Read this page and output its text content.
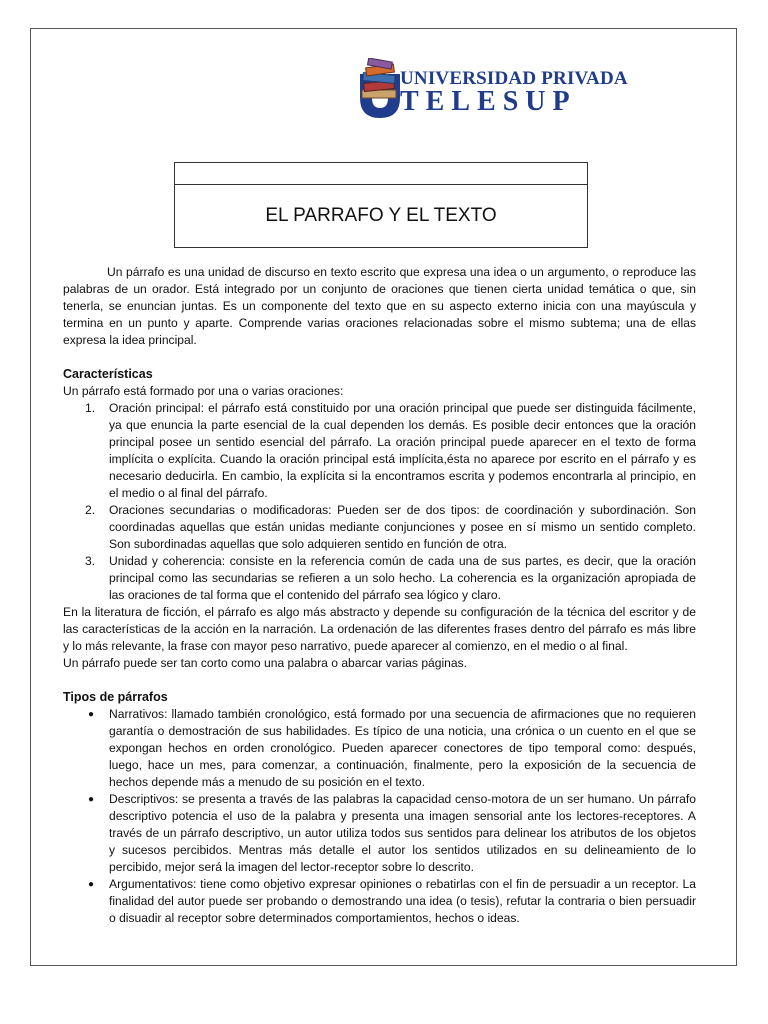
UNIVERSIDAD PRIVADA
TELESUP
EL PARRAFO Y EL TEXTO

Un párrafo es una unidad de discurso en texto escrito que expresa una idea o un argumento, o reproduce las palabras de un orador. Está integrado por un conjunto de oraciones que tienen cierta unidad temática o que, sin tenerla, se enuncian juntas. Es un componente del texto que en su aspecto externo inicia con una mayúscula y termina en un punto y aparte. Comprende varias oraciones relacionadas sobre el mismo subtema; una de ellas expresa la idea principal.

Características

Un párrafo está formado por una o varias oraciones:

1. Oración principal: el párrafo está constituido por una oración principal que puede ser distinguida fácilmente, ya que enuncia la parte esencial de la cual dependen los demás. Es posible decir entonces que la oración principal posee un sentido esencial del párrafo. La oración principal puede aparecer en el texto de forma implícita o explícita. Cuando la oración principal está implícita,ésta no aparece por escrito en el párrafo y es necesario deducirla. En cambio, la explícita si la encontramos escrita y podemos encontrarla al principio, en el medio o al final del párrafo.
2. Oraciones secundarias o modificadoras: Pueden ser de dos tipos: de coordinación y subordinación. Son coordinadas aquellas que están unidas mediante conjunciones y posee en sí mismo un sentido completo. Son subordinadas aquellas que solo adquieren sentido en función de otra.
3. Unidad y coherencia: consiste en la referencia común de cada una de sus partes, es decir, que la oración principal como las secundarias se refieren a un solo hecho. La coherencia es la organización apropiada de las oraciones de tal forma que el contenido del párrafo sea lógico y claro.

En la literatura de ficción, el párrafo es algo más abstracto y depende su configuración de la técnica del escritor y de las características de la acción en la narración. La ordenación de las diferentes frases dentro del párrafo es más libre y lo más relevante, la frase con mayor peso narrativo, puede aparecer al comienzo, en el medio o al final.

Un párrafo puede ser tan corto como una palabra o abarcar varias páginas.

Tipos de párrafos

● Narrativos: llamado también cronológico, está formado por una secuencia de afirmaciones que no requieren garantía o demostración de sus habilidades. Es típico de una noticia, una crónica o un cuento en el que se expongan hechos en orden cronológico. Pueden aparecer conectores de tipo temporal como: después, luego, hace un mes, para comenzar, a continuación, finalmente, pero la exposición de la secuencia de hechos depende más a menudo de su posición en el texto.
● Descriptivos: se presenta a través de las palabras la capacidad censo-motora de un ser humano. Un párrafo descriptivo potencia el uso de la palabra y presenta una imagen sensorial ante los lectores-receptores. A través de un párrafo descriptivo, un autor utiliza todos sus sentidos para delinear los atributos de los objetos y sucesos percibidos. Mentras más detalle el autor los sentidos utilizados en su delineamiento de lo percibido, mejor será la imagen del lector-receptor sobre lo descrito.
● Argumentativos: tiene como objetivo expresar opiniones o rebatirlas con el fin de persuadir a un receptor. La finalidad del autor puede ser probando o demostrando una idea (o tesis), refutar la contraria o bien persuadir o disuadir al receptor sobre determinados comportamientos, hechos o ideas.
